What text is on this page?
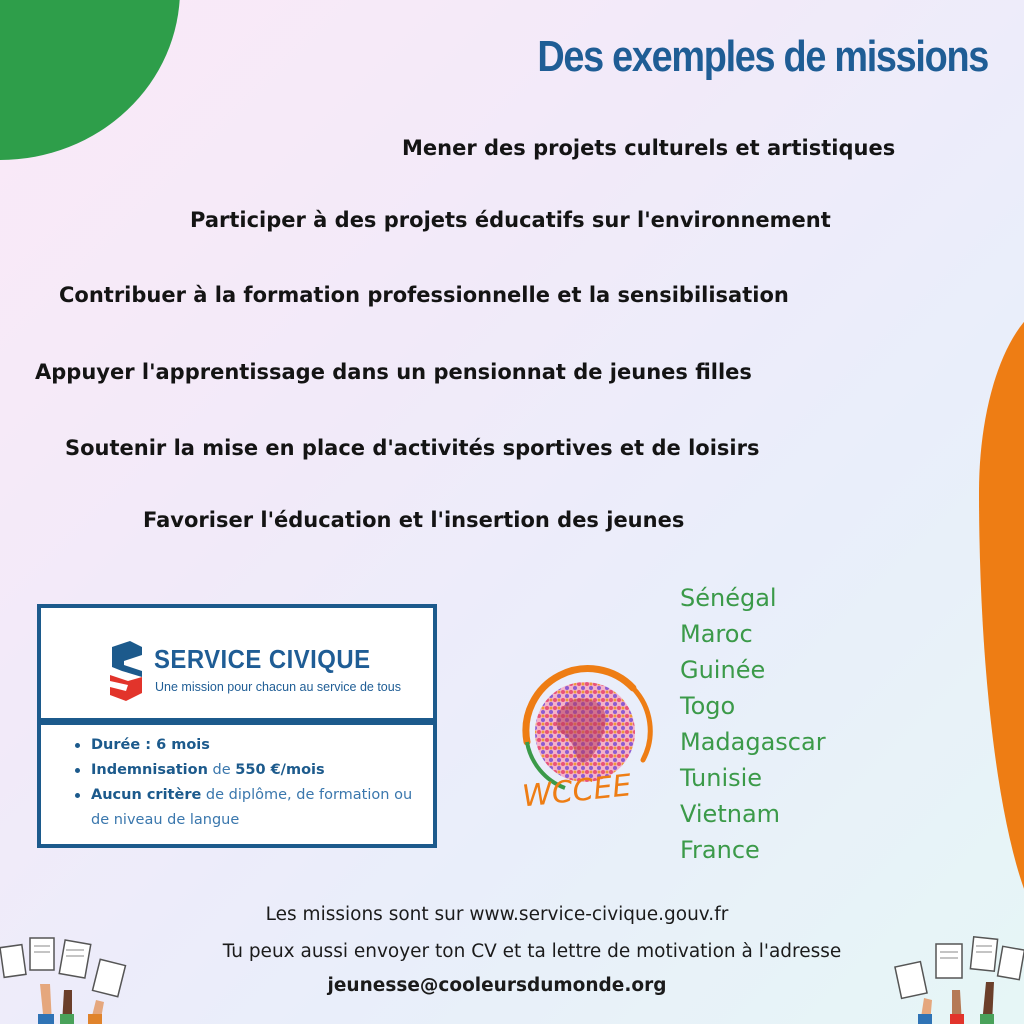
Des exemples de missions

Mener des projets culturels et artistiques

Participer à des projets éducatifs sur l'environnement

Contribuer à la formation professionnelle et la sensibilisation

Appuyer l'apprentissage dans un pensionnat de jeunes filles

Soutenir la mise en place d'activités sportives et de loisirs

Favoriser l'éducation et l'insertion des jeunes

SERVICE CIVIQUE
Une mission pour chacun au service de tous
Durée : 6 mois
Indemnisation de 550 €/mois
Aucun critère de diplôme, de formation ou de niveau de langue
WCCEE
Sénégal
Maroc
Guinée
Togo
Madagascar
Tunisie
Vietnam
France

Les missions sont sur www.service-civique.gouv.fr

Tu peux aussi envoyer ton CV et ta lettre de motivation à l'adresse

jeunesse@cooleursdumonde.org
